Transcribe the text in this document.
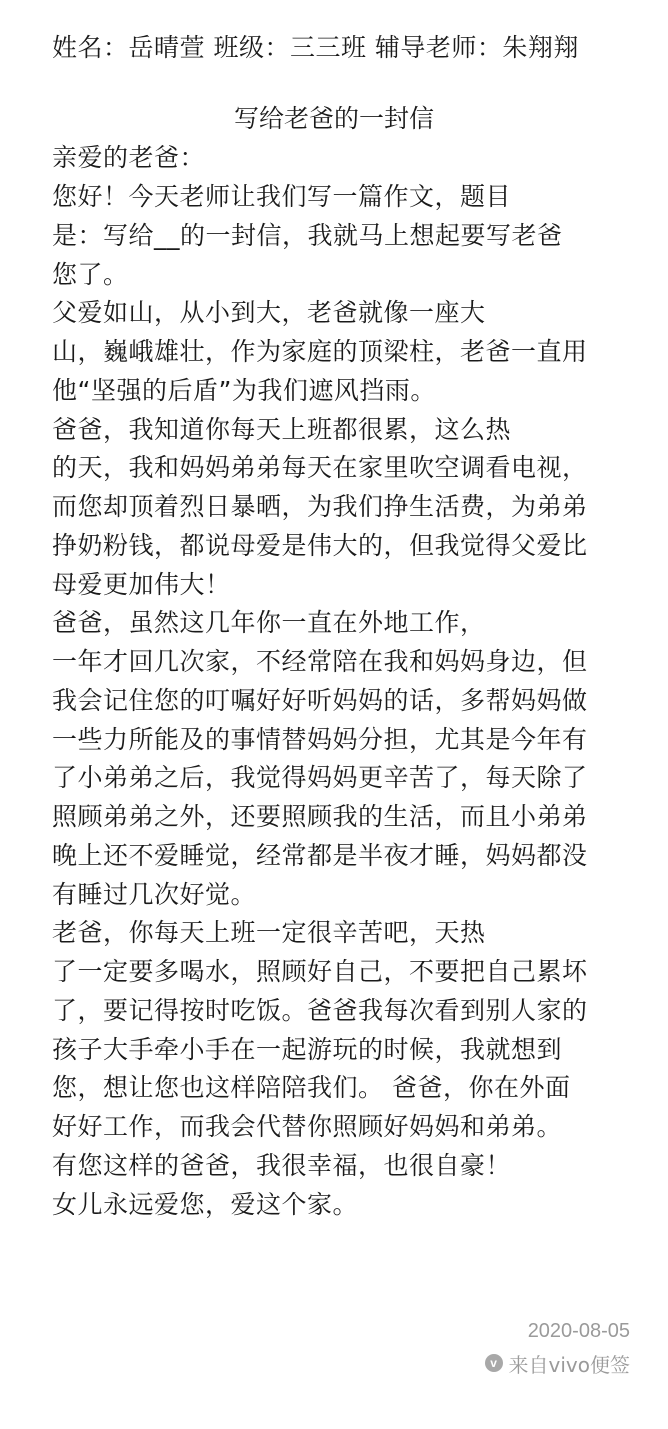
姓名：岳晴萱 班级：三三班 辅导老师：朱翔翔
写给老爸的一封信
亲爱的老爸：
您好！今天老师让我们写一篇作文，题目
是：写给__的一封信，我就马上想起要写老爸
您了。
父爱如山，从小到大，老爸就像一座大
山，巍峨雄壮，作为家庭的顶梁柱，老爸一直用
他“坚强的后盾”为我们遮风挡雨。
爸爸，我知道你每天上班都很累，这么热
的天，我和妈妈弟弟每天在家里吹空调看电视，
而您却顶着烈日暴晒，为我们挣生活费，为弟弟
挣奶粉钱，都说母爱是伟大的，但我觉得父爱比
母爱更加伟大！
爸爸，虽然这几年你一直在外地工作，
一年才回几次家，不经常陪在我和妈妈身边，但
我会记住您的叮嘱好好听妈妈的话，多帮妈妈做
一些力所能及的事情替妈妈分担，尤其是今年有
了小弟弟之后，我觉得妈妈更辛苦了，每天除了
照顾弟弟之外，还要照顾我的生活，而且小弟弟
晚上还不爱睡觉，经常都是半夜才睡，妈妈都没
有睡过几次好觉。
老爸，你每天上班一定很辛苦吧，天热
了一定要多喝水，照顾好自己，不要把自己累坏
了，要记得按时吃饭。爸爸我每次看到别人家的
孩子大手牵小手在一起游玩的时候，我就想到
您，想让您也这样陪陪我们。 爸爸，你在外面
好好工作，而我会代替你照顾好妈妈和弟弟。
有您这样的爸爸，我很幸福，也很自豪！
女儿永远爱您，爱这个家。
2020-08-05
v 来自vivo便签
